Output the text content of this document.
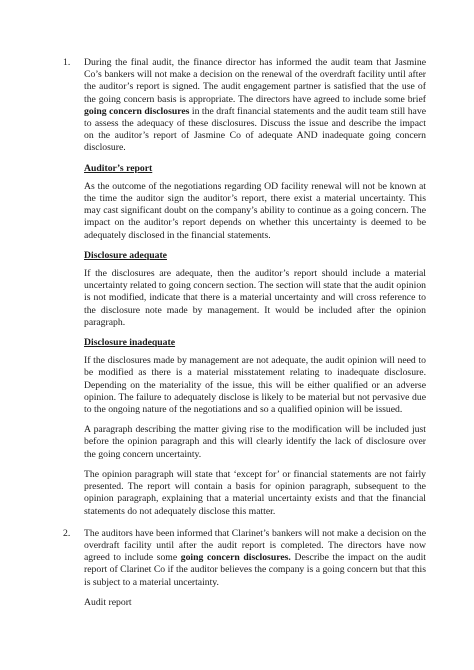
1.	During the final audit, the finance director has informed the audit team that Jasmine Co’s bankers will not make a decision on the renewal of the overdraft facility until after the auditor’s report is signed. The audit engagement partner is satisfied that the use of the going concern basis is appropriate. The directors have agreed to include some brief going concern disclosures in the draft financial statements and the audit team still have to assess the adequacy of these disclosures. Discuss the issue and describe the impact on the auditor’s report of Jasmine Co of adequate AND inadequate going concern disclosure.

Auditor’s report

As the outcome of the negotiations regarding OD facility renewal will not be known at the time the auditor sign the auditor’s report, there exist a material uncertainty. This may cast significant doubt on the company’s ability to continue as a going concern. The impact on the auditor’s report depends on whether this uncertainty is deemed to be adequately disclosed in the financial statements.

Disclosure adequate

If the disclosures are adequate, then the auditor’s report should include a material uncertainty related to going concern section. The section will state that the audit opinion is not modified, indicate that there is a material uncertainty and will cross reference to the disclosure note made by management. It would be included after the opinion paragraph.

Disclosure inadequate

If the disclosures made by management are not adequate, the audit opinion will need to be modified as there is a material misstatement relating to inadequate disclosure. Depending on the materiality of the issue, this will be either qualified or an adverse opinion. The failure to adequately disclose is likely to be material but not pervasive due to the ongoing nature of the negotiations and so a qualified opinion will be issued.

A paragraph describing the matter giving rise to the modification will be included just before the opinion paragraph and this will clearly identify the lack of disclosure over the going concern uncertainty.

The opinion paragraph will state that ‘except for’ or financial statements are not fairly presented. The report will contain a basis for opinion paragraph, subsequent to the opinion paragraph, explaining that a material uncertainty exists and that the financial statements do not adequately disclose this matter.

2.	The auditors have been informed that Clarinet’s bankers will not make a decision on the overdraft facility until after the audit report is completed. The directors have now agreed to include some going concern disclosures. Describe the impact on the audit report of Clarinet Co if the auditor believes the company is a going concern but that this is subject to a material uncertainty.

Audit report
